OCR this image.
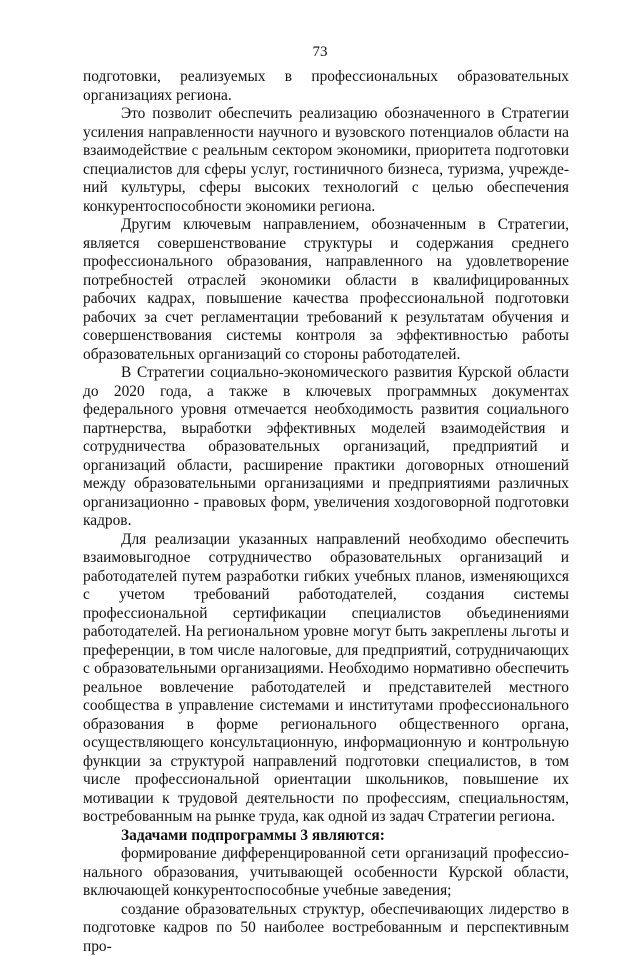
73

подготовки, реализуемых в профессиональных образовательных организациях региона.

Это позволит обеспечить реализацию обозначенного в Стратегии усиления направленности научного и вузовского потенциалов области на взаимодействие с реальным сектором экономики, приоритета подготовки специалистов для сферы услуг, гостиничного бизнеса, туризма, учреждений культуры, сферы высоких технологий с целью обеспечения конкурентоспособности экономики региона.

Другим ключевым направлением, обозначенным в Стратегии, является совершенствование структуры и содержания среднего профессионального образования, направленного на удовлетворение потребностей отраслей экономики области в квалифицированных рабочих кадрах, повышение качества профессиональной подготовки рабочих за счет регламентации требований к результатам обучения и совершенствования системы контроля за эффективностью работы образовательных организаций со стороны работодателей.

В Стратегии социально-экономического развития Курской области до 2020 года, а также в ключевых программных документах федерального уровня отмечается необходимость развития социального партнерства, выработки эффективных моделей взаимодействия и сотрудничества образовательных организаций, предприятий и организаций области, расширение практики договорных отношений между образовательными организациями и предприятиями различных организационно - правовых форм, увеличения хоздоговорной подготовки кадров.

Для реализации указанных направлений необходимо обеспечить взаимовыгодное сотрудничество образовательных организаций и работодателей путем разработки гибких учебных планов, изменяющихся с учетом требований работодателей, создания системы профессиональной сертификации специалистов объединениями работодателей. На региональном уровне могут быть закреплены льготы и преференции, в том числе налоговые, для предприятий, сотрудничающих с образовательными организациями. Необходимо нормативно обеспечить реальное вовлечение работодателей и представителей местного сообщества в управление системами и институтами профессионального образования в форме регионального общественного органа, осуществляющего консультационную, информационную и контрольную функции за структурой направлений подготовки специалистов, в том числе профессиональной ориентации школьников, повышение их мотивации к трудовой деятельности по профессиям, специальностям, востребованным на рынке труда, как одной из задач Стратегии региона.

Задачами подпрограммы 3 являются:

формирование дифференцированной сети организаций профессионального образования, учитывающей особенности Курской области, включающей конкурентоспособные учебные заведения;

создание образовательных структур, обеспечивающих лидерство в подготовке кадров по 50 наиболее востребованным и перспективным про-
